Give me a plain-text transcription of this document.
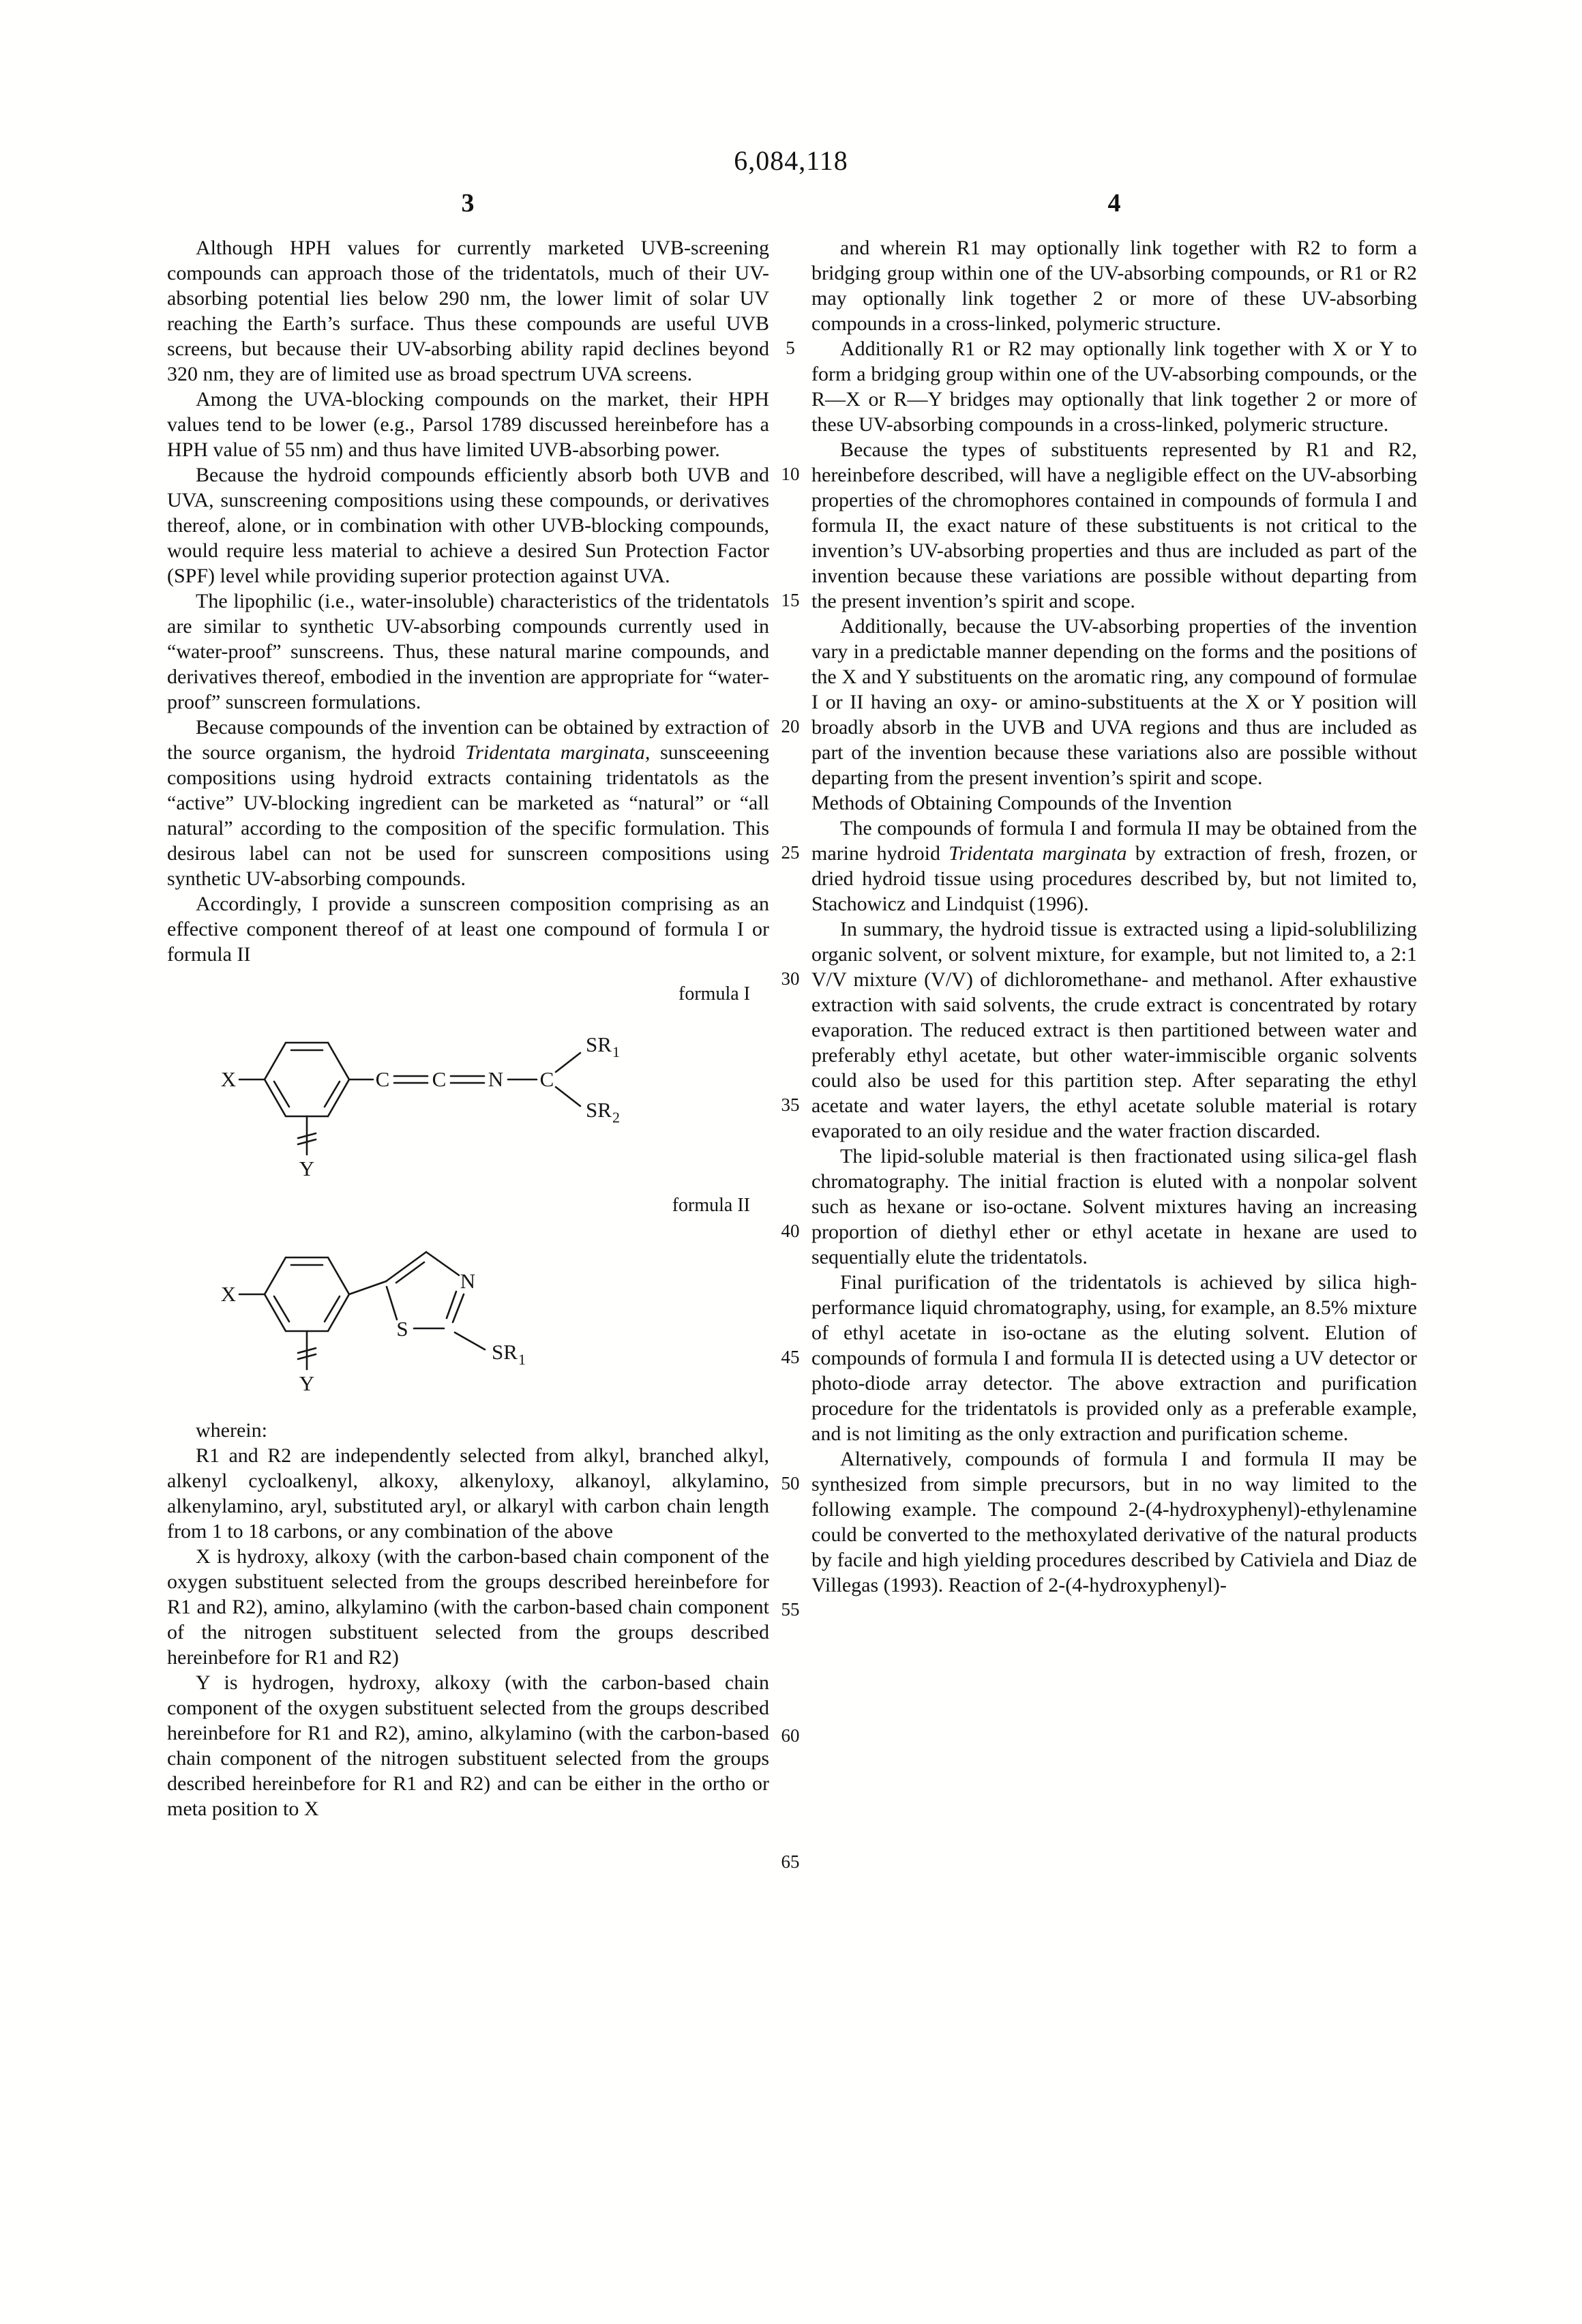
6,084,118
3	4

Although HPH values for currently marketed UVB-screening compounds can approach those of the tridentatols, much of their UV-absorbing potential lies below 290 nm, the lower limit of solar UV reaching the Earth’s surface. Thus these compounds are useful UVB screens, but because their UV-absorbing ability rapid declines beyond 320 nm, they are of limited use as broad spectrum UVA screens.

Among the UVA-blocking compounds on the market, their HPH values tend to be lower (e.g., Parsol 1789 discussed hereinbefore has a HPH value of 55 nm) and thus have limited UVB-absorbing power.

Because the hydroid compounds efficiently absorb both UVB and UVA, sunscreening compositions using these compounds, or derivatives thereof, alone, or in combination with other UVB-blocking compounds, would require less material to achieve a desired Sun Protection Factor (SPF) level while providing superior protection against UVA.

The lipophilic (i.e., water-insoluble) characteristics of the tridentatols are similar to synthetic UV-absorbing compounds currently used in “water-proof” sunscreens. Thus, these natural marine compounds, and derivatives thereof, embodied in the invention are appropriate for “water-proof” sunscreen formulations.

Because compounds of the invention can be obtained by extraction of the source organism, the hydroid Tridentata marginata, sunsceeening compositions using hydroid extracts containing tridentatols as the “active” UV-blocking ingredient can be marketed as “natural” or “all natural” according to the composition of the specific formulation. This desirous label can not be used for sunscreen compositions using synthetic UV-absorbing compounds.

Accordingly, I provide a sunscreen composition comprising as an effective component thereof of at least one compound of formula I or formula II

formula I
X
Y
C C N C
SR 1
SR 2
formula II
X
Y
N
S
SR 1

wherein:

R1 and R2 are independently selected from alkyl, branched alkyl, alkenyl cycloalkenyl, alkoxy, alkenyloxy, alkanoyl, alkylamino, alkenylamino, aryl, substituted aryl, or alkaryl with carbon chain length from 1 to 18 carbons, or any combination of the above

X is hydroxy, alkoxy (with the carbon-based chain component of the oxygen substituent selected from the groups described hereinbefore for R1 and R2), amino, alkylamino (with the carbon-based chain component of the nitrogen substituent selected from the groups described hereinbefore for R1 and R2)

Y is hydrogen, hydroxy, alkoxy (with the carbon-based chain component of the oxygen substituent selected from the groups described hereinbefore for R1 and R2), amino, alkylamino (with the carbon-based chain component of the nitrogen substituent selected from the groups described hereinbefore for R1 and R2) and can be either in the ortho or meta position to X

5
10
15
20
25
30
35
40
45
50
55
60
65

and wherein R1 may optionally link together with R2 to form a bridging group within one of the UV-absorbing compounds, or R1 or R2 may optionally link together 2 or more of these UV-absorbing compounds in a cross-linked, polymeric structure.

Additionally R1 or R2 may optionally link together with X or Y to form a bridging group within one of the UV-absorbing compounds, or the R—X or R—Y bridges may optionally that link together 2 or more of these UV-absorbing compounds in a cross-linked, polymeric structure.

Because the types of substituents represented by R1 and R2, hereinbefore described, will have a negligible effect on the UV-absorbing properties of the chromophores contained in compounds of formula I and formula II, the exact nature of these substituents is not critical to the invention’s UV-absorbing properties and thus are included as part of the invention because these variations are possible without departing from the present invention’s spirit and scope.

Additionally, because the UV-absorbing properties of the invention vary in a predictable manner depending on the forms and the positions of the X and Y substituents on the aromatic ring, any compound of formulae I or II having an oxy- or amino-substituents at the X or Y position will broadly absorb in the UVB and UVA regions and thus are included as part of the invention because these variations also are possible without departing from the present invention’s spirit and scope.

Methods of Obtaining Compounds of the Invention

The compounds of formula I and formula II may be obtained from the marine hydroid Tridentata marginata by extraction of fresh, frozen, or dried hydroid tissue using procedures described by, but not limited to, Stachowicz and Lindquist (1996).

In summary, the hydroid tissue is extracted using a lipid-solublilizing organic solvent, or solvent mixture, for example, but not limited to, a 2:1 V/V mixture (V/V) of dichloromethane- and methanol. After exhaustive extraction with said solvents, the crude extract is concentrated by rotary evaporation. The reduced extract is then partitioned between water and preferably ethyl acetate, but other water-immiscible organic solvents could also be used for this partition step. After separating the ethyl acetate and water layers, the ethyl acetate soluble material is rotary evaporated to an oily residue and the water fraction discarded.

The lipid-soluble material is then fractionated using silica-gel flash chromatography. The initial fraction is eluted with a nonpolar solvent such as hexane or iso-octane. Solvent mixtures having an increasing proportion of diethyl ether or ethyl acetate in hexane are used to sequentially elute the tridentatols.

Final purification of the tridentatols is achieved by silica high-performance liquid chromatography, using, for example, an 8.5% mixture of ethyl acetate in iso-octane as the eluting solvent. Elution of compounds of formula I and formula II is detected using a UV detector or photo-diode array detector. The above extraction and purification procedure for the tridentatols is provided only as a preferable example, and is not limiting as the only extraction and purification scheme.

Alternatively, compounds of formula I and formula II may be synthesized from simple precursors, but in no way limited to the following example. The compound 2-(4-hydroxyphenyl)-ethylenamine could be converted to the methoxylated derivative of the natural products by facile and high yielding procedures described by Cativiela and Diaz de Villegas (1993). Reaction of 2-(4-hydroxyphenyl)-
